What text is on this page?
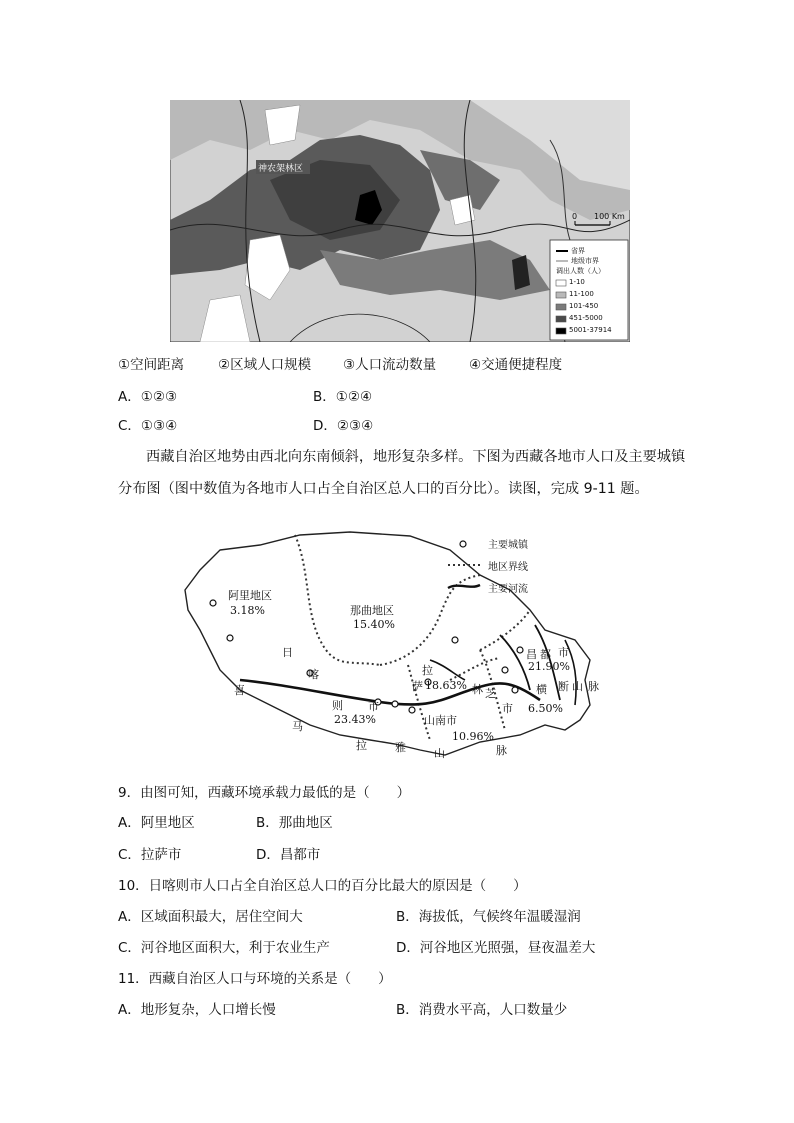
神农架林区
0 100 Km
省界
地级市界
调出人数（人）
1-10
11-100
101-450
451-5000
5001-37914
①空间距离	②区域人口规模 ③人口流动数量 ④交通便捷程度
A．①②③	B．①②④
C．①③④	D．②③④
西藏自治区地势由西北向东南倾斜，地形复杂多样。下图为西藏各地市人口及主要城镇
分布图（图中数值为各地市人口占全自治区总人口的百分比）。读图，完成 9-11 题。
主要城镇
地区界线
主要河流
阿里地区
3.18%	那曲地区
15.40%
昌 都 市
21.90%
拉
萨 18.63% 林 芝
市 6.50%
日
喀
则 市
23.43%	山南市
10.96%
喜
马
拉	雅	山	脉
横 断 山 脉
9．由图可知，西藏环境承载力最低的是（　　）
A．阿里地区	B．那曲地区
C．拉萨市	D．昌都市
10．日喀则市人口占全自治区总人口的百分比最大的原因是（　　）
A．区域面积最大，居住空间大	B．海拔低，气候终年温暖湿润
C．河谷地区面积大，利于农业生产	D．河谷地区光照强，昼夜温差大
11．西藏自治区人口与环境的关系是（　　）
A．地形复杂，人口增长慢	B．消费水平高，人口数量少
